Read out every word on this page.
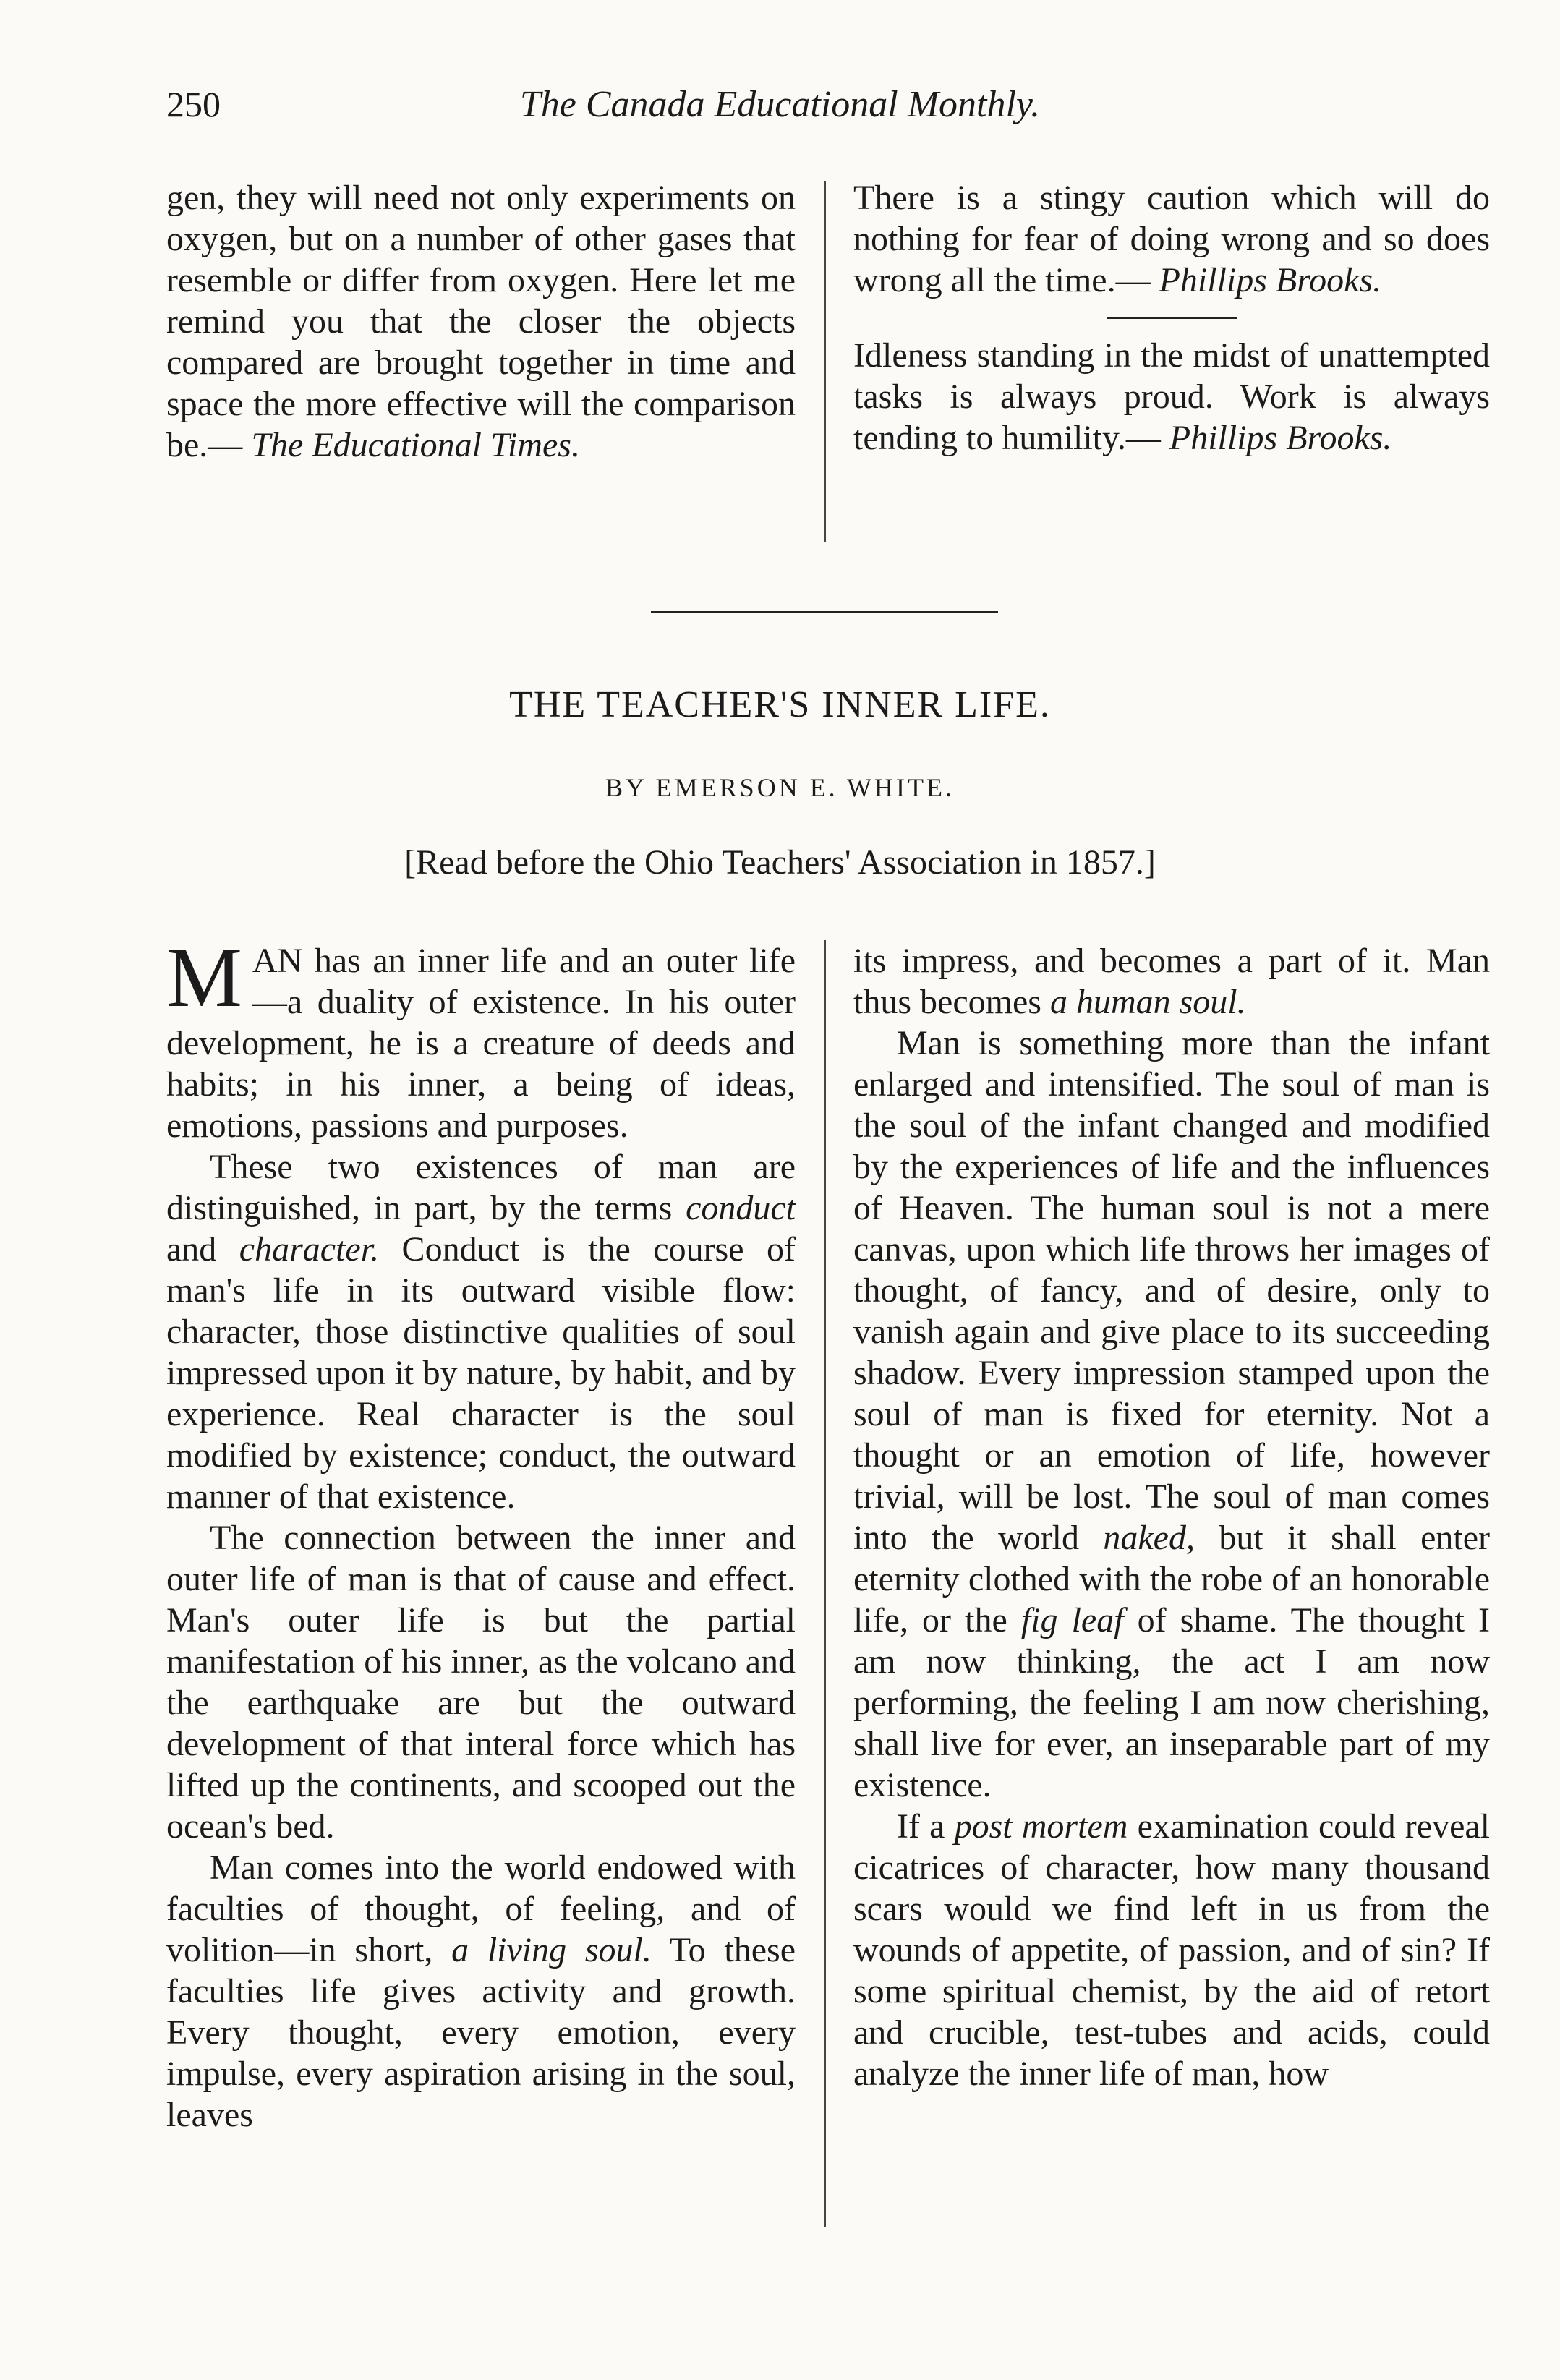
250	The Canada Educational Monthly.

gen, they will need not only experiments on oxygen, but on a number of other gases that resemble or differ from oxygen. Here let me remind you that the closer the objects compared are brought together in time and space the more effective will the comparison be.— The Educational Times.

There is a stingy caution which will do nothing for fear of doing wrong and so does wrong all the time.— Phillips Brooks.

Idleness standing in the midst of unattempted tasks is always proud. Work is always tending to humility.— Phillips Brooks.

THE TEACHER'S INNER LIFE.
BY EMERSON E. WHITE.
[Read before the Ohio Teachers' Association in 1857.]

M AN has an inner life and an outer life—a duality of existence. In his outer development, he is a creature of deeds and habits; in his inner, a being of ideas, emotions, passions and purposes.

These two existences of man are distinguished, in part, by the terms conduct and character. Conduct is the course of man's life in its outward visible flow: character, those distinctive qualities of soul impressed upon it by nature, by habit, and by experience. Real character is the soul modified by existence; conduct, the outward manner of that existence.

The connection between the inner and outer life of man is that of cause and effect. Man's outer life is but the partial manifestation of his inner, as the volcano and the earthquake are but the outward development of that interal force which has lifted up the continents, and scooped out the ocean's bed.

Man comes into the world endowed with faculties of thought, of feeling, and of volition—in short, a living soul. To these faculties life gives activity and growth. Every thought, every emotion, every impulse, every aspiration arising in the soul, leaves

its impress, and becomes a part of it. Man thus becomes a human soul.

Man is something more than the infant enlarged and intensified. The soul of man is the soul of the infant changed and modified by the experiences of life and the influences of Heaven. The human soul is not a mere canvas, upon which life throws her images of thought, of fancy, and of desire, only to vanish again and give place to its succeeding shadow. Every impression stamped upon the soul of man is fixed for eternity. Not a thought or an emotion of life, however trivial, will be lost. The soul of man comes into the world naked, but it shall enter eternity clothed with the robe of an honorable life, or the fig leaf of shame. The thought I am now thinking, the act I am now performing, the feeling I am now cherishing, shall live for ever, an inseparable part of my existence.

If a post mortem examination could reveal cicatrices of character, how many thousand scars would we find left in us from the wounds of appetite, of passion, and of sin? If some spiritual chemist, by the aid of retort and crucible, test-tubes and acids, could analyze the inner life of man, how
